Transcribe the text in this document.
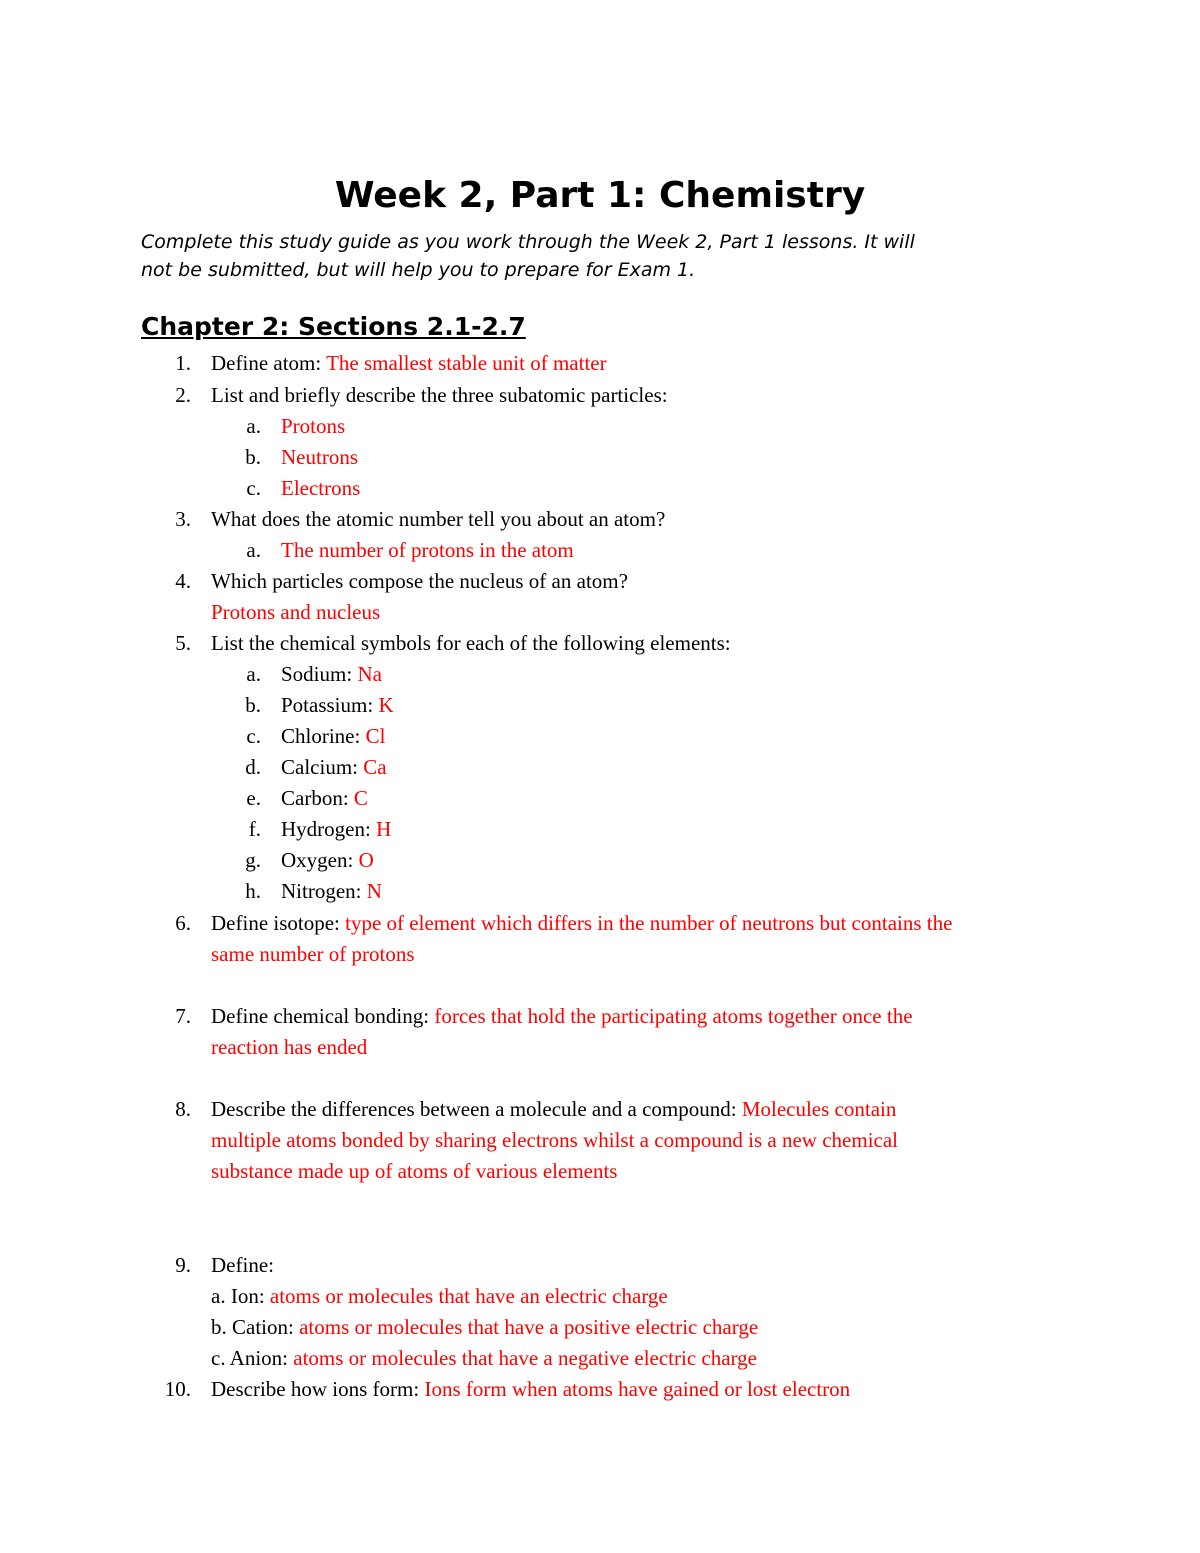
Week 2, Part 1: Chemistry

Complete this study guide as you work through the Week 2, Part 1 lessons. It will
not be submitted, but will help you to prepare for Exam 1.

Chapter 2: Sections 2.1-2.7
1. Define atom: The smallest stable unit of matter
2. List and briefly describe the three subatomic particles:
a. Protons
b. Neutrons
c. Electrons
3. What does the atomic number tell you about an atom?
a. The number of protons in the atom
4. Which particles compose the nucleus of an atom?
Protons and nucleus
5. List the chemical symbols for each of the following elements:
a. Sodium: Na
b. Potassium: K
c. Chlorine: Cl
d. Calcium: Ca
e. Carbon: C
f. Hydrogen: H
g. Oxygen: O
h. Nitrogen: N
6. Define isotope: type of element which differs in the number of neutrons but contains the
same number of protons
7. Define chemical bonding: forces that hold the participating atoms together once the
reaction has ended
8. Describe the differences between a molecule and a compound: Molecules contain
multiple atoms bonded by sharing electrons whilst a compound is a new chemical
substance made up of atoms of various elements
9. Define:
a. Ion: atoms or molecules that have an electric charge
b. Cation: atoms or molecules that have a positive electric charge
c. Anion: atoms or molecules that have a negative electric charge
10. Describe how ions form: Ions form when atoms have gained or lost electron
